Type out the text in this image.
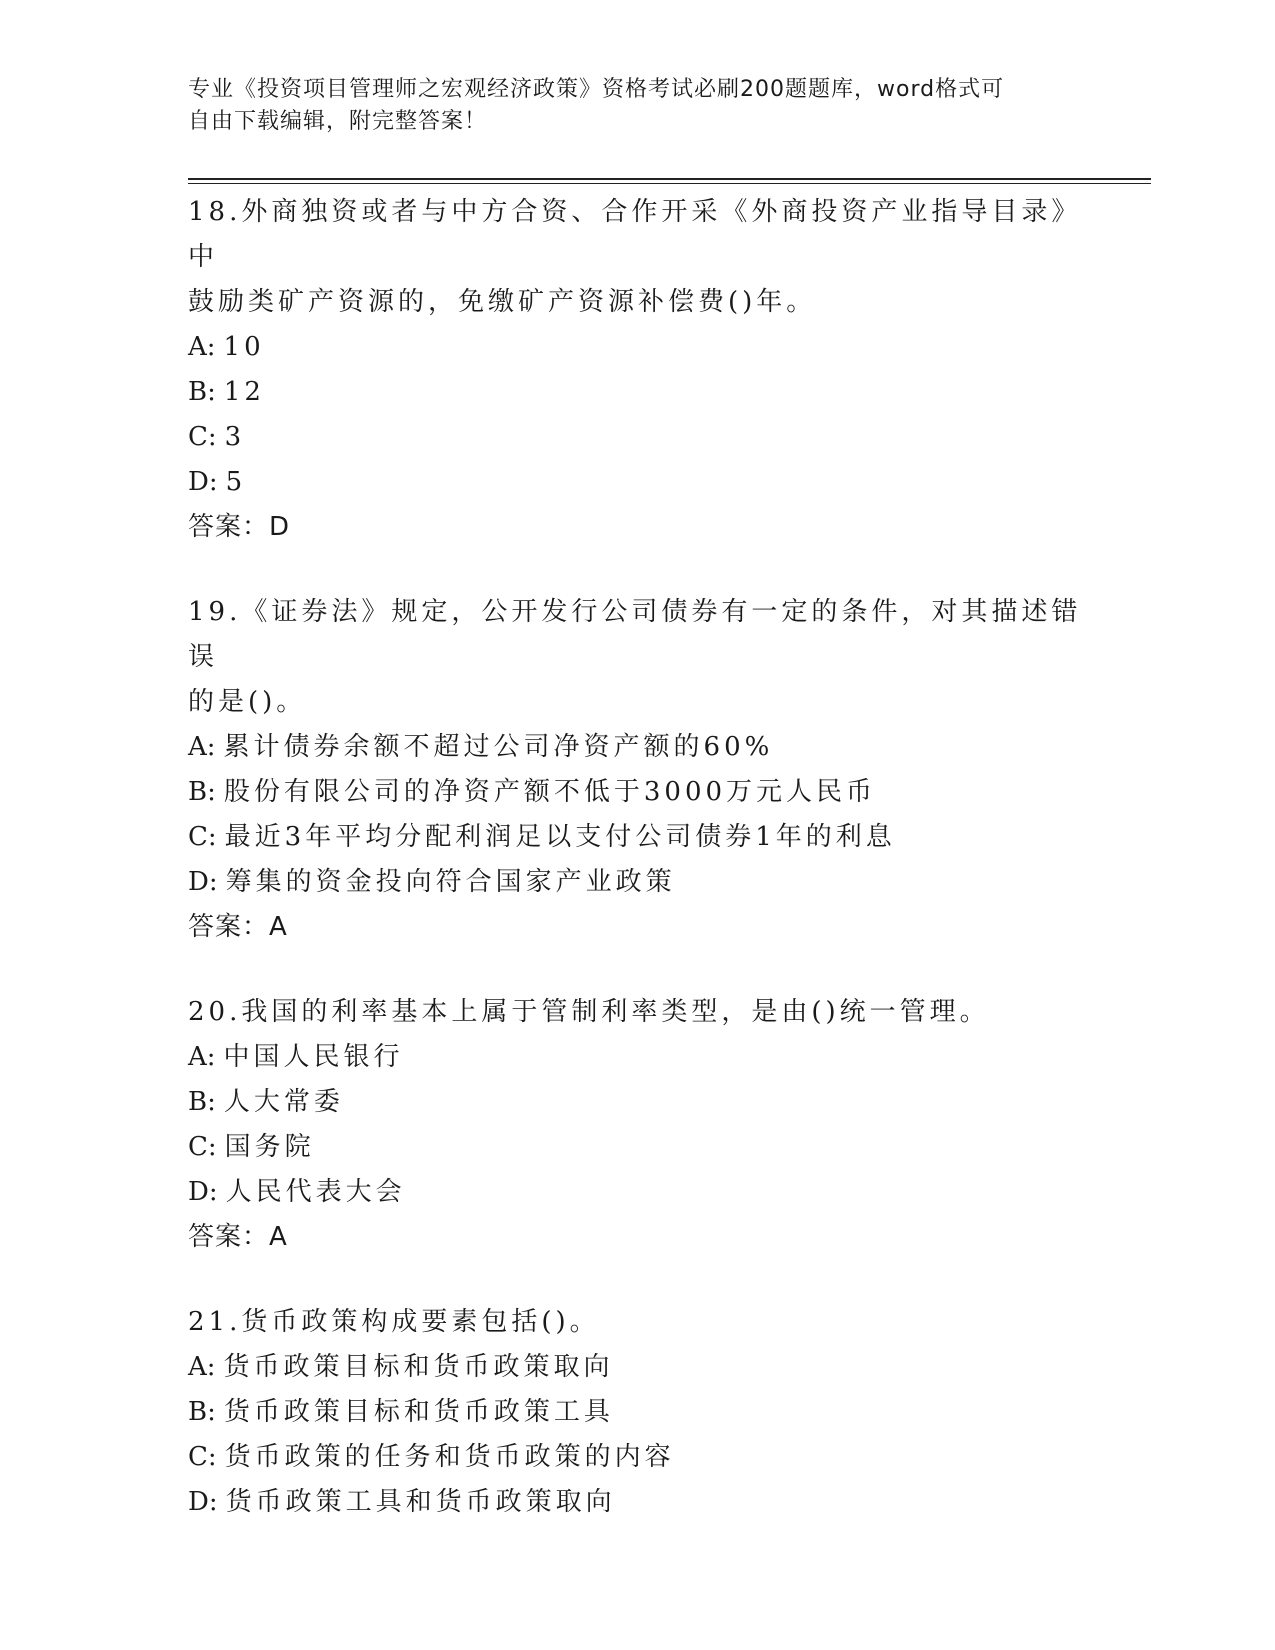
专业《投资项目管理师之宏观经济政策》资格考试必刷200题题库，word格式可
自由下载编辑，附完整答案！

18.外商独资或者与中方合资、合作开采《外商投资产业指导目录》中

鼓励类矿产资源的，免缴矿产资源补偿费()年。

A: 10

B: 12

C: 3

D: 5

答案：D

19.《证券法》规定，公开发行公司债券有一定的条件，对其描述错误

的是()。

A: 累计债券余额不超过公司净资产额的60%

B: 股份有限公司的净资产额不低于3000万元人民币

C: 最近3年平均分配利润足以支付公司债券1年的利息

D: 筹集的资金投向符合国家产业政策

答案：A

20.我国的利率基本上属于管制利率类型，是由()统一管理。

A: 中国人民银行

B: 人大常委

C: 国务院

D: 人民代表大会

答案：A

21.货币政策构成要素包括()。

A: 货币政策目标和货币政策取向

B: 货币政策目标和货币政策工具

C: 货币政策的任务和货币政策的内容

D: 货币政策工具和货币政策取向
